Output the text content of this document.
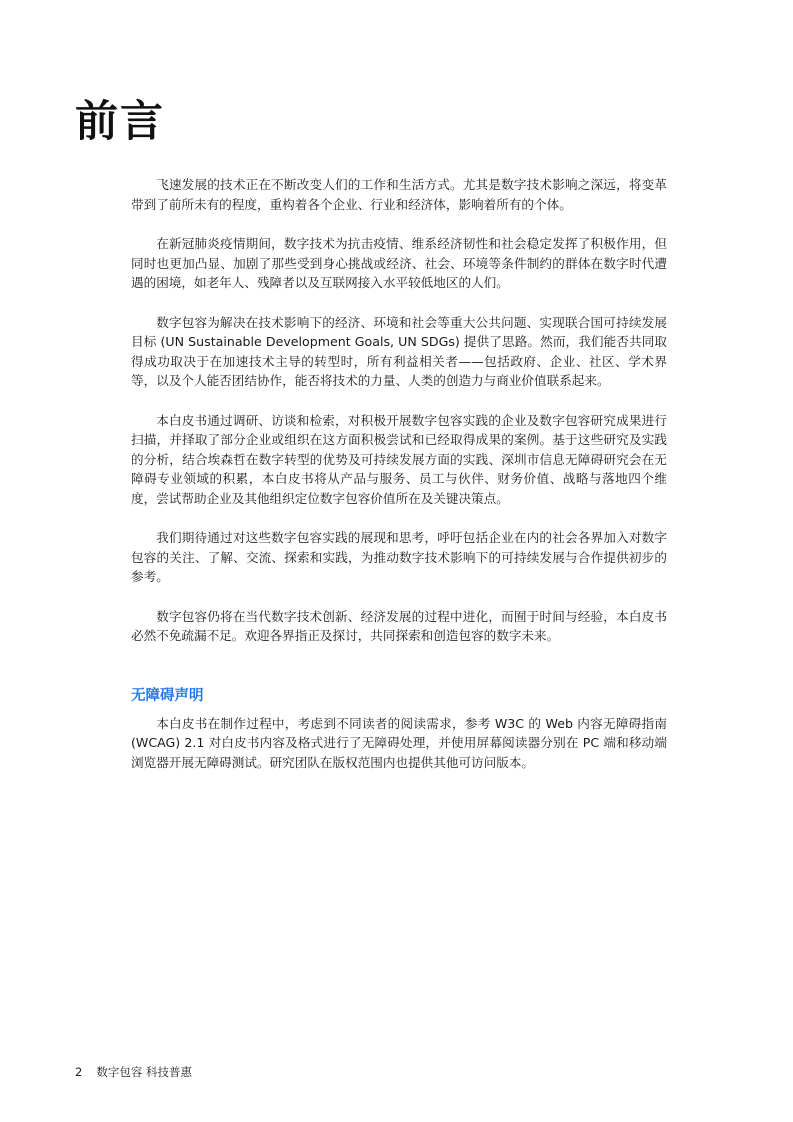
前言

飞速发展的技术正在不断改变人们的工作和生活方式。尤其是数字技术影响之深远，将变革带到了前所未有的程度，重构着各个企业、行业和经济体，影响着所有的个体。

在新冠肺炎疫情期间，数字技术为抗击疫情、维系经济韧性和社会稳定发挥了积极作用，但同时也更加凸显、加剧了那些受到身心挑战或经济、社会、环境等条件制约的群体在数字时代遭遇的困境，如老年人、残障者以及互联网接入水平较低地区的人们。

数字包容为解决在技术影响下的经济、环境和社会等重大公共问题、实现联合国可持续发展目标 (UN Sustainable Development Goals, UN SDGs) 提供了思路。然而，我们能否共同取得成功取决于在加速技术主导的转型时，所有利益相关者——包括政府、企业、社区、学术界等，以及个人能否团结协作，能否将技术的力量、人类的创造力与商业价值联系起来。

本白皮书通过调研、访谈和检索，对积极开展数字包容实践的企业及数字包容研究成果进行扫描，并择取了部分企业或组织在这方面积极尝试和已经取得成果的案例。基于这些研究及实践的分析，结合埃森哲在数字转型的优势及可持续发展方面的实践、深圳市信息无障碍研究会在无障碍专业领域的积累，本白皮书将从产品与服务、员工与伙伴、财务价值、战略与落地四个维度，尝试帮助企业及其他组织定位数字包容价值所在及关键决策点。

我们期待通过对这些数字包容实践的展现和思考，呼吁包括企业在内的社会各界加入对数字包容的关注、了解、交流、探索和实践，为推动数字技术影响下的可持续发展与合作提供初步的参考。

数字包容仍将在当代数字技术创新、经济发展的过程中进化，而囿于时间与经验，本白皮书必然不免疏漏不足。欢迎各界指正及探讨，共同探索和创造包容的数字未来。

无障碍声明

本白皮书在制作过程中，考虑到不同读者的阅读需求，参考 W3C 的 Web 内容无障碍指南 (WCAG) 2.1 对白皮书内容及格式进行了无障碍处理，并使用屏幕阅读器分别在 PC 端和移动端浏览器开展无障碍测试。研究团队在版权范围内也提供其他可访问版本。

2 数字包容 科技普惠
